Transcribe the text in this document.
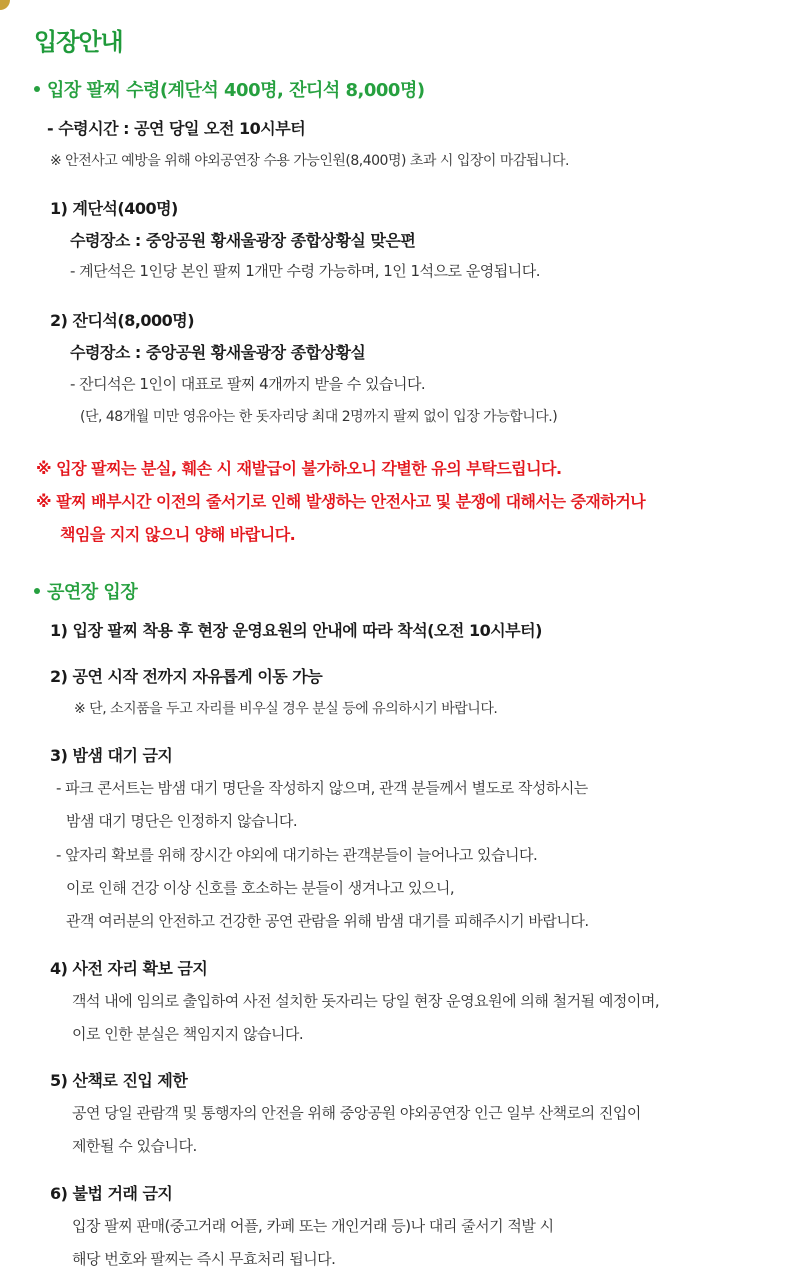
입장안내
입장 팔찌 수령(계단석 400명, 잔디석 8,000명)
- 수령시간 : 공연 당일 오전 10시부터
※ 안전사고 예방을 위해 야외공연장 수용 가능인원(8,400명) 초과 시 입장이 마감됩니다.
1) 계단석(400명)
수령장소 : 중앙공원 황새울광장 종합상황실 맞은편
- 계단석은 1인당 본인 팔찌 1개만 수령 가능하며, 1인 1석으로 운영됩니다.
2) 잔디석(8,000명)
수령장소 : 중앙공원 황새울광장 종합상황실
- 잔디석은 1인이 대표로 팔찌 4개까지 받을 수 있습니다.
(단, 48개월 미만 영유아는 한 돗자리당 최대 2명까지 팔찌 없이 입장 가능합니다.)
※ 입장 팔찌는 분실, 훼손 시 재발급이 불가하오니 각별한 유의 부탁드립니다.
※ 팔찌 배부시간 이전의 줄서기로 인해 발생하는 안전사고 및 분쟁에 대해서는 중재하거나
책임을 지지 않으니 양해 바랍니다.
공연장 입장
1) 입장 팔찌 착용 후 현장 운영요원의 안내에 따라 착석(오전 10시부터)
2) 공연 시작 전까지 자유롭게 이동 가능
※ 단, 소지품을 두고 자리를 비우실 경우 분실 등에 유의하시기 바랍니다.
3) 밤샘 대기 금지
- 파크 콘서트는 밤샘 대기 명단을 작성하지 않으며, 관객 분들께서 별도로 작성하시는
밤샘 대기 명단은 인정하지 않습니다.
- 앞자리 확보를 위해 장시간 야외에 대기하는 관객분들이 늘어나고 있습니다.
이로 인해 건강 이상 신호를 호소하는 분들이 생겨나고 있으니,
관객 여러분의 안전하고 건강한 공연 관람을 위해 밤샘 대기를 피해주시기 바랍니다.
4) 사전 자리 확보 금지
객석 내에 임의로 출입하여 사전 설치한 돗자리는 당일 현장 운영요원에 의해 철거될 예정이며,
이로 인한 분실은 책임지지 않습니다.
5) 산책로 진입 제한
공연 당일 관람객 및 통행자의 안전을 위해 중앙공원 야외공연장 인근 일부 산책로의 진입이
제한될 수 있습니다.
6) 불법 거래 금지
입장 팔찌 판매(중고거래 어플, 카페 또는 개인거래 등)나 대리 줄서기 적발 시
해당 번호와 팔찌는 즉시 무효처리 됩니다.
